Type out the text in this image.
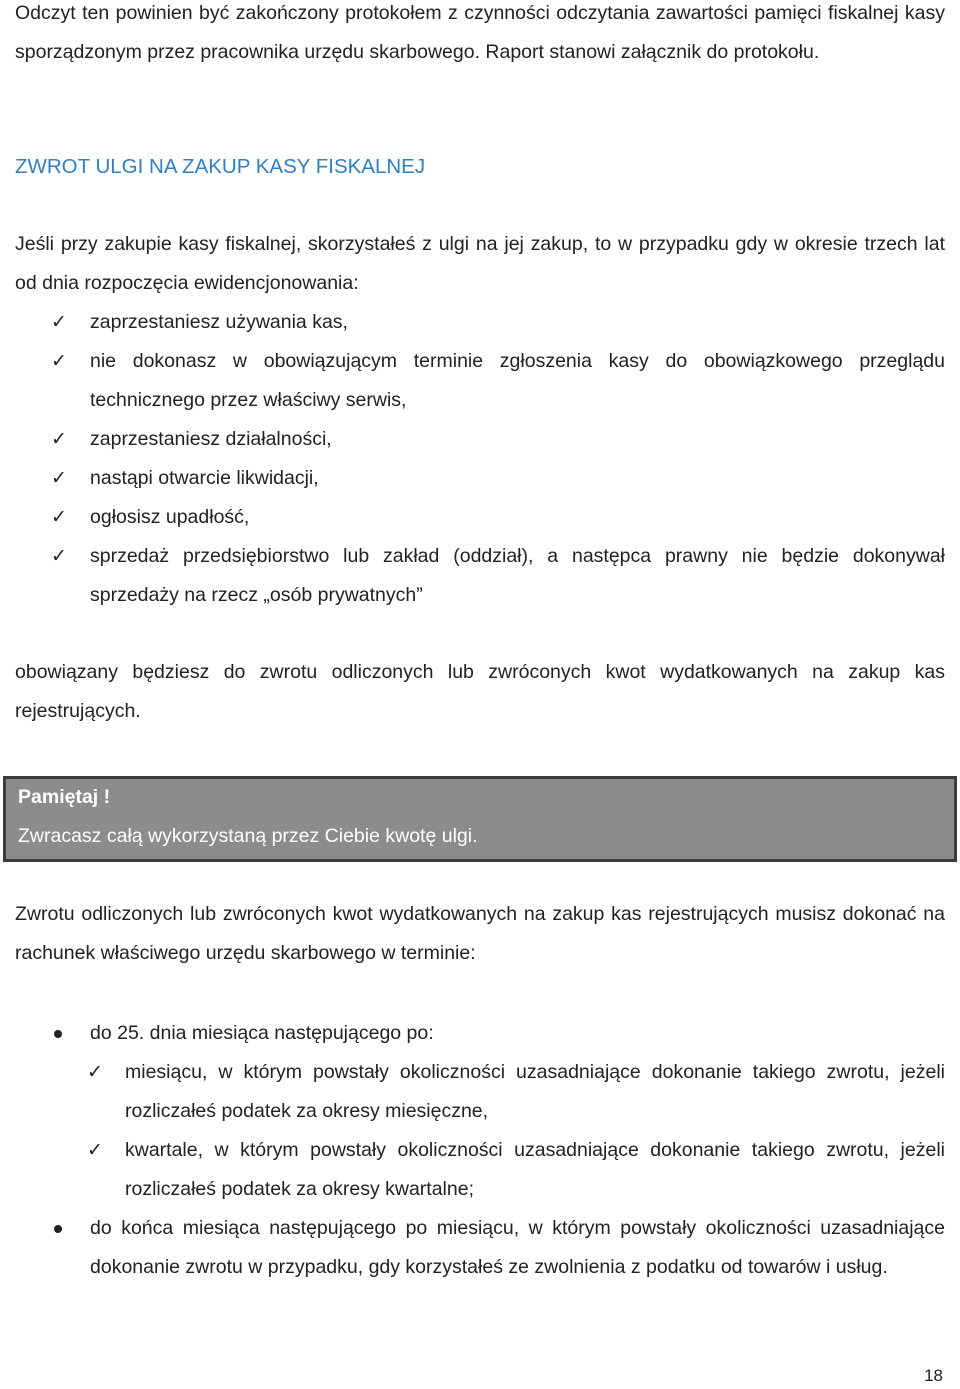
Odczyt ten powinien być zakończony protokołem z czynności odczytania zawartości pamięci fiskalnej kasy sporządzonym przez pracownika urzędu skarbowego. Raport stanowi załącznik do protokołu.

ZWROT ULGI NA ZAKUP KASY FISKALNEJ

Jeśli przy zakupie kasy fiskalnej, skorzystałeś z ulgi na jej zakup, to w przypadku gdy w okresie trzech lat od dnia rozpoczęcia ewidencjonowania:

✓ zaprzestaniesz używania kas,
✓ nie dokonasz w obowiązującym terminie zgłoszenia kasy do obowiązkowego przeglądu technicznego przez właściwy serwis,
✓ zaprzestaniesz działalności,
✓ nastąpi otwarcie likwidacji,
✓ ogłosisz upadłość,
✓ sprzedaż przedsiębiorstwo lub zakład (oddział), a następca prawny nie będzie dokonywał sprzedaży na rzecz „osób prywatnych”

obowiązany będziesz do zwrotu odliczonych lub zwróconych kwot wydatkowanych na zakup kas rejestrujących.

Pamiętaj !
Zwracasz całą wykorzystaną przez Ciebie kwotę ulgi.

Zwrotu odliczonych lub zwróconych kwot wydatkowanych na zakup kas rejestrujących musisz dokonać na rachunek właściwego urzędu skarbowego w terminie:

do 25. dnia miesiąca następującego po:
✓ miesiącu, w którym powstały okoliczności uzasadniające dokonanie takiego zwrotu, jeżeli rozliczałeś podatek za okresy miesięczne,
✓ kwartale, w którym powstały okoliczności uzasadniające dokonanie takiego zwrotu, jeżeli rozliczałeś podatek za okresy kwartalne;
do końca miesiąca następującego po miesiącu, w którym powstały okoliczności uzasadniające dokonanie zwrotu w przypadku, gdy korzystałeś ze zwolnienia z podatku od towarów i usług.
18
